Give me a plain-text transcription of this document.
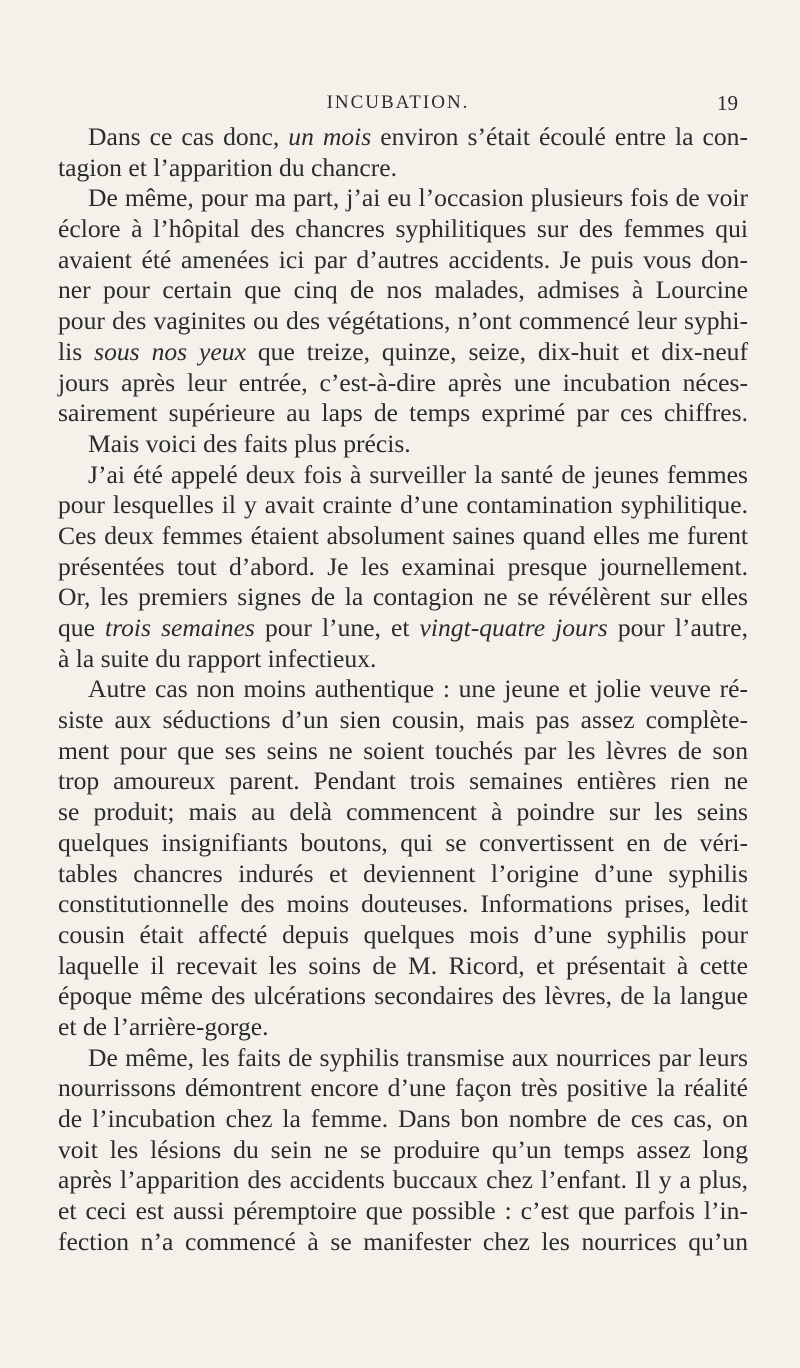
INCUBATION.	19
Dans ce cas donc, un mois environ s’était écoulé entre la con-
tagion et l’apparition du chancre.
De même, pour ma part, j’ai eu l’occasion plusieurs fois de voir
éclore à l’hôpital des chancres syphilitiques sur des femmes qui
avaient été amenées ici par d’autres accidents. Je puis vous don-
ner pour certain que cinq de nos malades, admises à Lourcine
pour des vaginites ou des végétations, n’ont commencé leur syphi-
lis sous nos yeux que treize, quinze, seize, dix-huit et dix-neuf
jours après leur entrée, c’est-à-dire après une incubation néces-
sairement supérieure au laps de temps exprimé par ces chiffres.
Mais voici des faits plus précis.
J’ai été appelé deux fois à surveiller la santé de jeunes femmes
pour lesquelles il y avait crainte d’une contamination syphilitique.
Ces deux femmes étaient absolument saines quand elles me furent
présentées tout d’abord. Je les examinai presque journellement.
Or, les premiers signes de la contagion ne se révélèrent sur elles
que trois semaines pour l’une, et vingt-quatre jours pour l’autre,
à la suite du rapport infectieux.
Autre cas non moins authentique : une jeune et jolie veuve ré-
siste aux séductions d’un sien cousin, mais pas assez complète-
ment pour que ses seins ne soient touchés par les lèvres de son
trop amoureux parent. Pendant trois semaines entières rien ne
se produit; mais au delà commencent à poindre sur les seins
quelques insignifiants boutons, qui se convertissent en de véri-
tables chancres indurés et deviennent l’origine d’une syphilis
constitutionnelle des moins douteuses. Informations prises, ledit
cousin était affecté depuis quelques mois d’une syphilis pour
laquelle il recevait les soins de M. Ricord, et présentait à cette
époque même des ulcérations secondaires des lèvres, de la langue
et de l’arrière-gorge.
De même, les faits de syphilis transmise aux nourrices par leurs
nourrissons démontrent encore d’une façon très positive la réalité
de l’incubation chez la femme. Dans bon nombre de ces cas, on
voit les lésions du sein ne se produire qu’un temps assez long
après l’apparition des accidents buccaux chez l’enfant. Il y a plus,
et ceci est aussi péremptoire que possible : c’est que parfois l’in-
fection n’a commencé à se manifester chez les nourrices qu’un
